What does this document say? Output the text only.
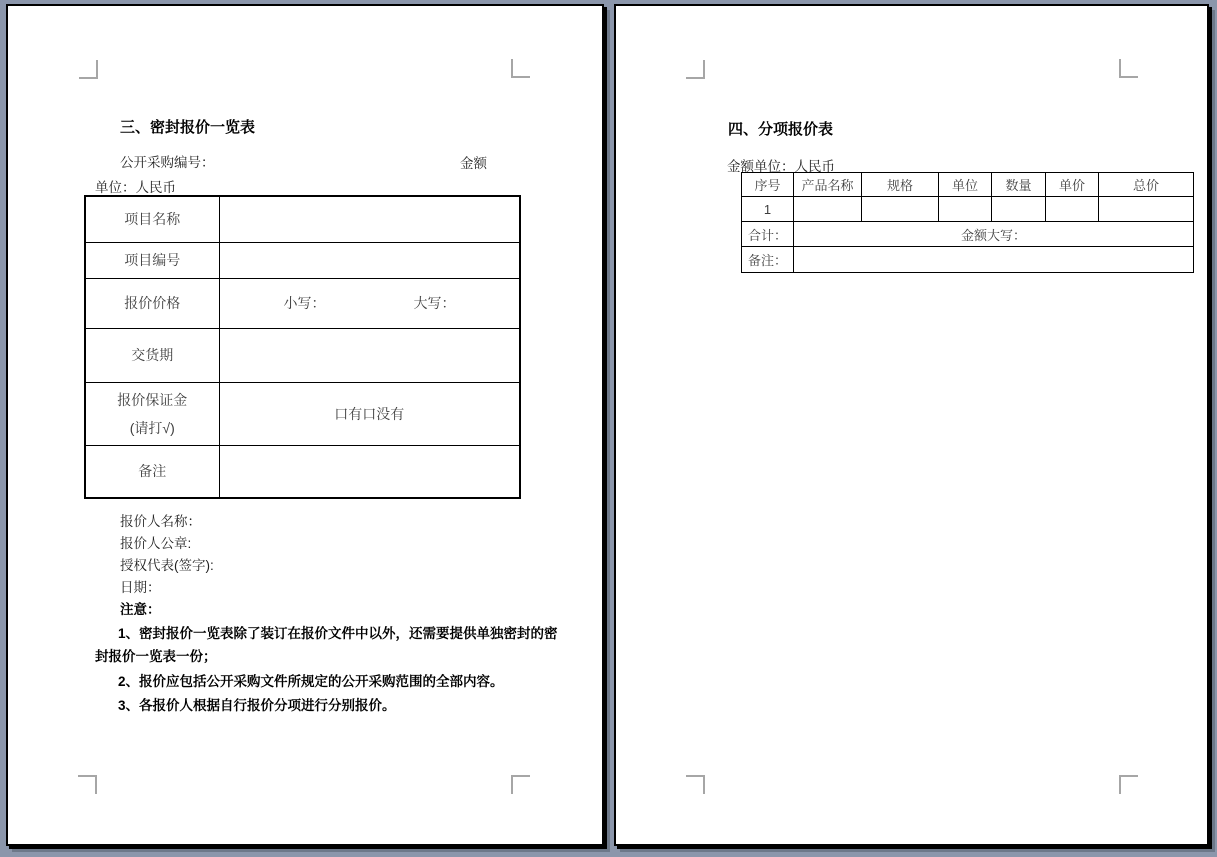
三、密封报价一览表
公开采购编号：	金额
单位：人民币
项目名称	
项目编号	
报价价格	小写： 大写：

交货期	

报价保证金
(请打√)	口有口没有
备注	
报价人名称：
报价人公章:
授权代表(签字):
日期：
注意：
1、密封报价一览表除了装订在报价文件中以外，还需要提供单独密封的密
封报价一览表一份；
2、报价应包括公开采购文件所规定的公开采购范围的全部内容。
3、各报价人根据自行报价分项进行分别报价。
四、分项报价表
金额单位：人民币
序号	产品名称	规格	单位	数量	单价	总价
1						
合计：	金额大写：					
备注：						
